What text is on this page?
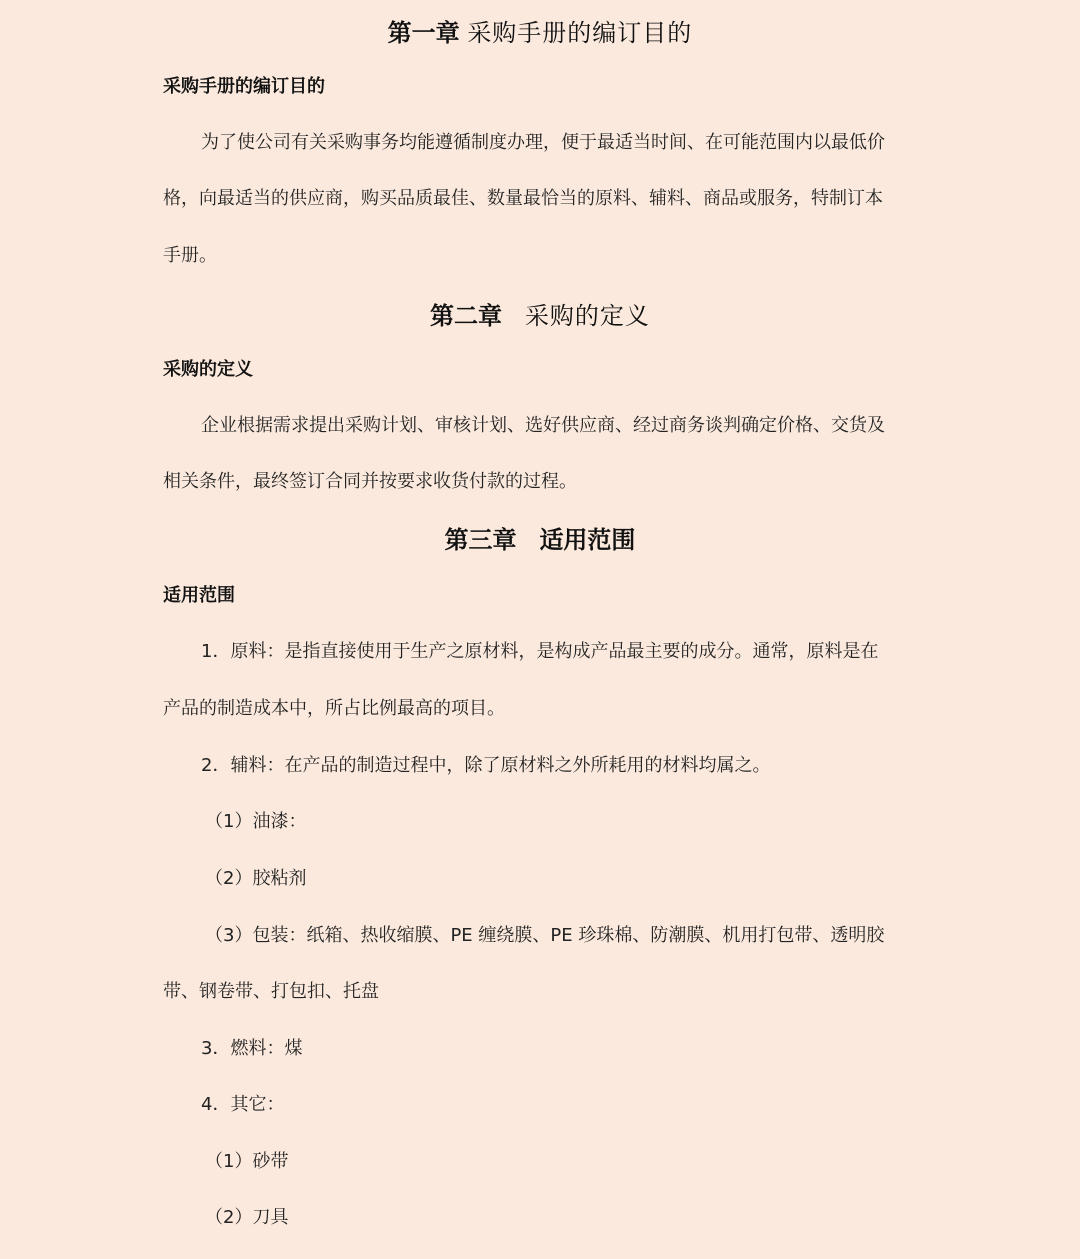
第一章 采购手册的编订目的
采购手册的编订目的
为了使公司有关采购事务均能遵循制度办理，便于最适当时间、在可能范围内以最低价
格，向最适当的供应商，购买品质最佳、数量最恰当的原料、辅料、商品或服务，特制订本
手册。
第二章 采购的定义
采购的定义
企业根据需求提出采购计划、审核计划、选好供应商、经过商务谈判确定价格、交货及
相关条件，最终签订合同并按要求收货付款的过程。
第三章 适用范围
适用范围
1．原料：是指直接使用于生产之原材料，是构成产品最主要的成分。通常，原料是在
产品的制造成本中，所占比例最高的项目。
2．辅料：在产品的制造过程中，除了原材料之外所耗用的材料均属之。
（1）油漆：
（2）胶粘剂
（3）包装：纸箱、热收缩膜、PE 缠绕膜、PE 珍珠棉、防潮膜、机用打包带、透明胶
带、钢卷带、打包扣、托盘
3．燃料：煤
4．其它：
（1）砂带
（2）刀具
